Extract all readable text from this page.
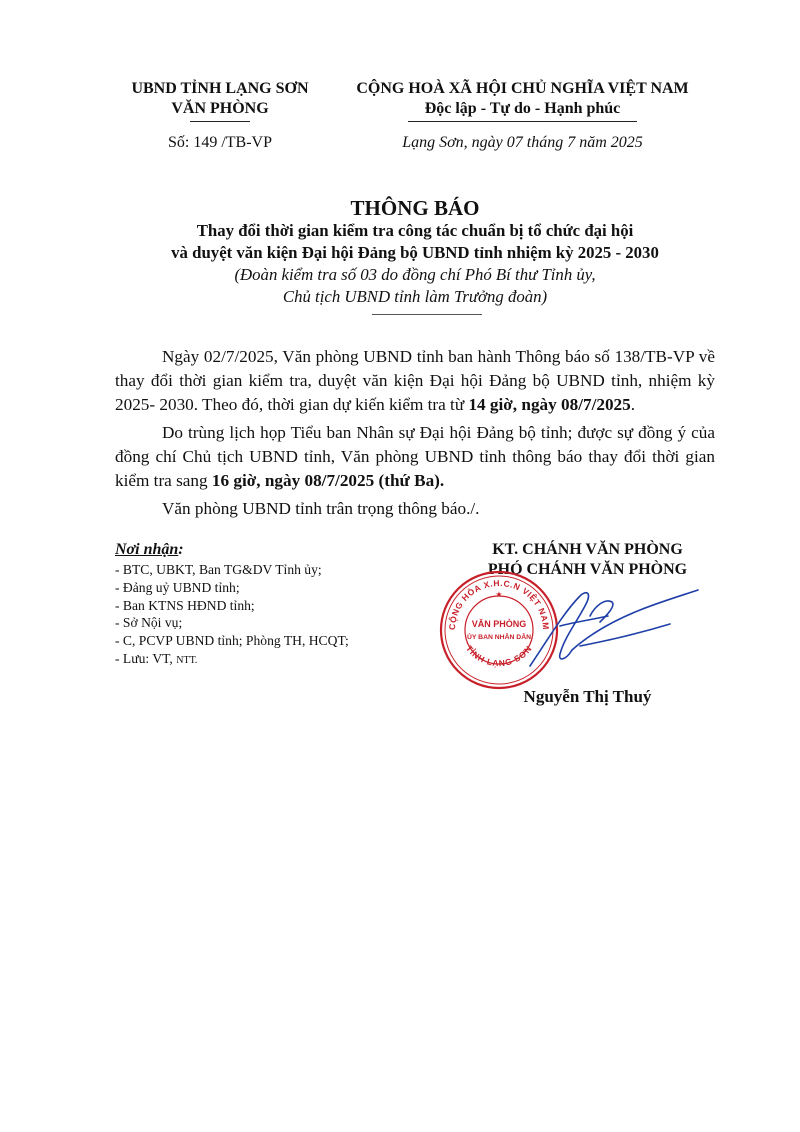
UBND TỈNH LẠNG SƠN
VĂN PHÒNG
Số: 149 /TB-VP
CỘNG HOÀ XÃ HỘI CHỦ NGHĨA VIỆT NAM
Độc lập - Tự do - Hạnh phúc
Lạng Sơn, ngày 07 tháng 7 năm 2025
THÔNG BÁO
Thay đổi thời gian kiểm tra công tác chuẩn bị tổ chức đại hội
và duyệt văn kiện Đại hội Đảng bộ UBND tỉnh nhiệm kỳ 2025 - 2030
(Đoàn kiểm tra số 03 do đồng chí Phó Bí thư Tỉnh ủy,
Chủ tịch UBND tỉnh làm Trưởng đoàn)

Ngày 02/7/2025, Văn phòng UBND tỉnh ban hành Thông báo số 138/TB-VP về thay đổi thời gian kiểm tra, duyệt văn kiện Đại hội Đảng bộ UBND tỉnh, nhiệm kỳ 2025- 2030. Theo đó, thời gian dự kiến kiểm tra từ 14 giờ, ngày 08/7/2025.

Do trùng lịch họp Tiểu ban Nhân sự Đại hội Đảng bộ tỉnh; được sự đồng ý của đồng chí Chủ tịch UBND tỉnh, Văn phòng UBND tỉnh thông báo thay đổi thời gian kiểm tra sang 16 giờ, ngày 08/7/2025 (thứ Ba).

Văn phòng UBND tỉnh trân trọng thông báo./.

Nơi nhận:
- BTC, UBKT, Ban TG&DV Tỉnh ủy;
- Đảng uỷ UBND tỉnh;
- Ban KTNS HĐND tỉnh;
- Sở Nội vụ;
- C, PCVP UBND tỉnh; Phòng TH, HCQT;
- Lưu: VT, NTT.
KT. CHÁNH VĂN PHÒNG
PHÓ CHÁNH VĂN PHÒNG
CỘNG HÒA X.H.C.N VIỆT NAM
TỈNH LẠNG SƠN
VĂN PHÒNG
ỦY BAN NHÂN DÂN
★
Nguyễn Thị Thuý
